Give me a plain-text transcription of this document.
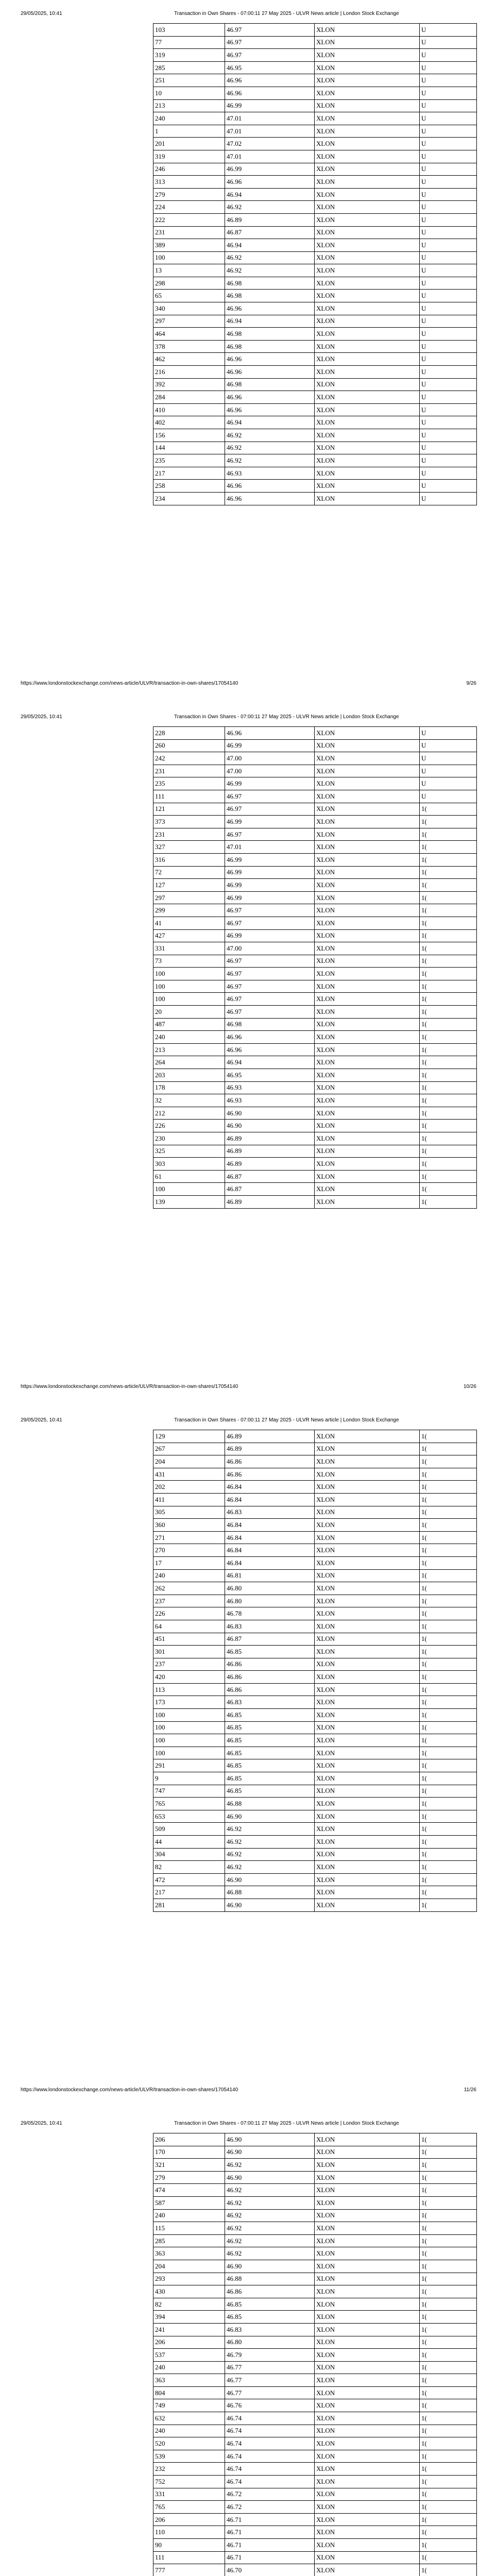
29/05/2025, 10:41	Transaction in Own Shares - 07:00:11 27 May 2025 - ULVR News article | London Stock Exchange
103	46.97	XLON	U
77	46.97	XLON	U
319	46.97	XLON	U
285	46.95	XLON	U
251	46.96	XLON	U
10	46.96	XLON	U
213	46.99	XLON	U
240	47.01	XLON	U
1	47.01	XLON	U
201	47.02	XLON	U
319	47.01	XLON	U
246	46.99	XLON	U
313	46.96	XLON	U
279	46.94	XLON	U
224	46.92	XLON	U
222	46.89	XLON	U
231	46.87	XLON	U
389	46.94	XLON	U
100	46.92	XLON	U
13	46.92	XLON	U
298	46.98	XLON	U
65	46.98	XLON	U
340	46.96	XLON	U
297	46.94	XLON	U
464	46.98	XLON	U
378	46.98	XLON	U
462	46.96	XLON	U
216	46.96	XLON	U
392	46.98	XLON	U
284	46.96	XLON	U
410	46.96	XLON	U
402	46.94	XLON	U
156	46.92	XLON	U
144	46.92	XLON	U
235	46.92	XLON	U
217	46.93	XLON	U
258	46.96	XLON	U
234	46.96	XLON	U
https://www.londonstockexchange.com/news-article/ULVR/transaction-in-own-shares/17054140	9/26
29/05/2025, 10:41	Transaction in Own Shares - 07:00:11 27 May 2025 - ULVR News article | London Stock Exchange
228	46.96	XLON	U
260	46.99	XLON	U
242	47.00	XLON	U
231	47.00	XLON	U
235	46.99	XLON	U
111	46.97	XLON	U
121	46.97	XLON	1(
373	46.99	XLON	1(
231	46.97	XLON	1(
327	47.01	XLON	1(
316	46.99	XLON	1(
72	46.99	XLON	1(
127	46.99	XLON	1(
297	46.99	XLON	1(
299	46.97	XLON	1(
41	46.97	XLON	1(
427	46.99	XLON	1(
331	47.00	XLON	1(
73	46.97	XLON	1(
100	46.97	XLON	1(
100	46.97	XLON	1(
100	46.97	XLON	1(
20	46.97	XLON	1(
487	46.98	XLON	1(
240	46.96	XLON	1(
213	46.96	XLON	1(
264	46.94	XLON	1(
203	46.95	XLON	1(
178	46.93	XLON	1(
32	46.93	XLON	1(
212	46.90	XLON	1(
226	46.90	XLON	1(
230	46.89	XLON	1(
325	46.89	XLON	1(
303	46.89	XLON	1(
61	46.87	XLON	1(
100	46.87	XLON	1(
139	46.89	XLON	1(
https://www.londonstockexchange.com/news-article/ULVR/transaction-in-own-shares/17054140	10/26
29/05/2025, 10:41	Transaction in Own Shares - 07:00:11 27 May 2025 - ULVR News article | London Stock Exchange
129	46.89	XLON	1(
267	46.89	XLON	1(
204	46.86	XLON	1(
431	46.86	XLON	1(
202	46.84	XLON	1(
411	46.84	XLON	1(
305	46.83	XLON	1(
360	46.84	XLON	1(
271	46.84	XLON	1(
270	46.84	XLON	1(
17	46.84	XLON	1(
240	46.81	XLON	1(
262	46.80	XLON	1(
237	46.80	XLON	1(
226	46.78	XLON	1(
64	46.83	XLON	1(
451	46.87	XLON	1(
301	46.85	XLON	1(
237	46.86	XLON	1(
420	46.86	XLON	1(
113	46.86	XLON	1(
173	46.83	XLON	1(
100	46.85	XLON	1(
100	46.85	XLON	1(
100	46.85	XLON	1(
100	46.85	XLON	1(
291	46.85	XLON	1(
9	46.85	XLON	1(
747	46.85	XLON	1(
765	46.88	XLON	1(
653	46.90	XLON	1(
509	46.92	XLON	1(
44	46.92	XLON	1(
304	46.92	XLON	1(
82	46.92	XLON	1(
472	46.90	XLON	1(
217	46.88	XLON	1(
281	46.90	XLON	1(
https://www.londonstockexchange.com/news-article/ULVR/transaction-in-own-shares/17054140	11/26
29/05/2025, 10:41	Transaction in Own Shares - 07:00:11 27 May 2025 - ULVR News article | London Stock Exchange
206	46.90	XLON	1(
170	46.90	XLON	1(
321	46.92	XLON	1(
279	46.90	XLON	1(
474	46.92	XLON	1(
587	46.92	XLON	1(
240	46.92	XLON	1(
115	46.92	XLON	1(
285	46.92	XLON	1(
363	46.92	XLON	1(
204	46.90	XLON	1(
293	46.88	XLON	1(
430	46.86	XLON	1(
82	46.85	XLON	1(
394	46.85	XLON	1(
241	46.83	XLON	1(
206	46.80	XLON	1(
537	46.79	XLON	1(
240	46.77	XLON	1(
363	46.77	XLON	1(
804	46.77	XLON	1(
749	46.76	XLON	1(
632	46.74	XLON	1(
240	46.74	XLON	1(
520	46.74	XLON	1(
539	46.74	XLON	1(
232	46.74	XLON	1(
752	46.74	XLON	1(
331	46.72	XLON	1(
765	46.72	XLON	1(
206	46.71	XLON	1(
110	46.71	XLON	1(
90	46.71	XLON	1(
111	46.71	XLON	1(
777	46.70	XLON	1(
